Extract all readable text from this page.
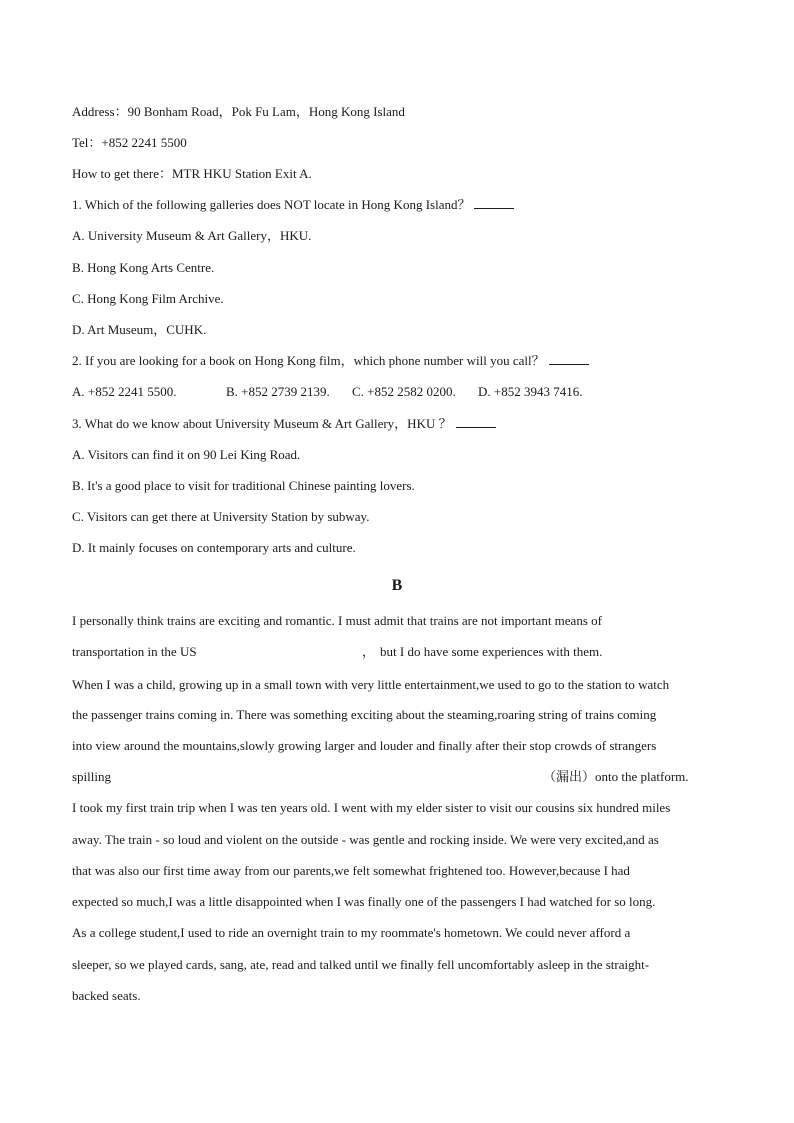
Address：90 Bonham Road，Pok Fu Lam，Hong Kong Island
Tel：+852 2241 5500
How to get there：MTR HKU Station Exit A.
1. Which of the following galleries does NOT locate in Hong Kong Island？
A. University Museum & Art Gallery，HKU.
B. Hong Kong Arts Centre.
C. Hong Kong Film Archive.
D. Art Museum，CUHK.
2. If you are looking for a book on Hong Kong film，which phone number will you call？
A. +852 2241 5500.	B. +852 2739 2139. C. +852 2582 0200. D. +852 3943 7416.
3. What do we know about University Museum & Art Gallery，HKU ？
A. Visitors can find it on 90 Lei King Road.
B. It's a good place to visit for traditional Chinese painting lovers.
C. Visitors can get there at University Station by subway.
D. It mainly focuses on contemporary arts and culture.
B
I personally think trains are exciting and romantic. I must admit that trains are not important means of
transportation in the US	， but I do have some experiences with them.
When I was a child, growing up in a small town with very little entertainment,we used to go to the station to watch
the passenger trains coming in. There was something exciting about the steaming,roaring string of trains coming
into view around the mountains,slowly growing larger and louder and finally after their stop crowds of strangers
spilling	（漏出）onto the platform.
I took my first train trip when I was ten years old. I went with my elder sister to visit our cousins six hundred miles
away. The train - so loud and violent on the outside - was gentle and rocking inside. We were very excited,and as
that was also our first time away from our parents,we felt somewhat frightened too. However,because I had
expected so much,I was a little disappointed when I was finally one of the passengers I had watched for so long.
As a college student,I used to ride an overnight train to my roommate's hometown. We could never afford a
sleeper, so we played cards, sang, ate, read and talked until we finally fell uncomfortably asleep in the straight-
backed seats.
